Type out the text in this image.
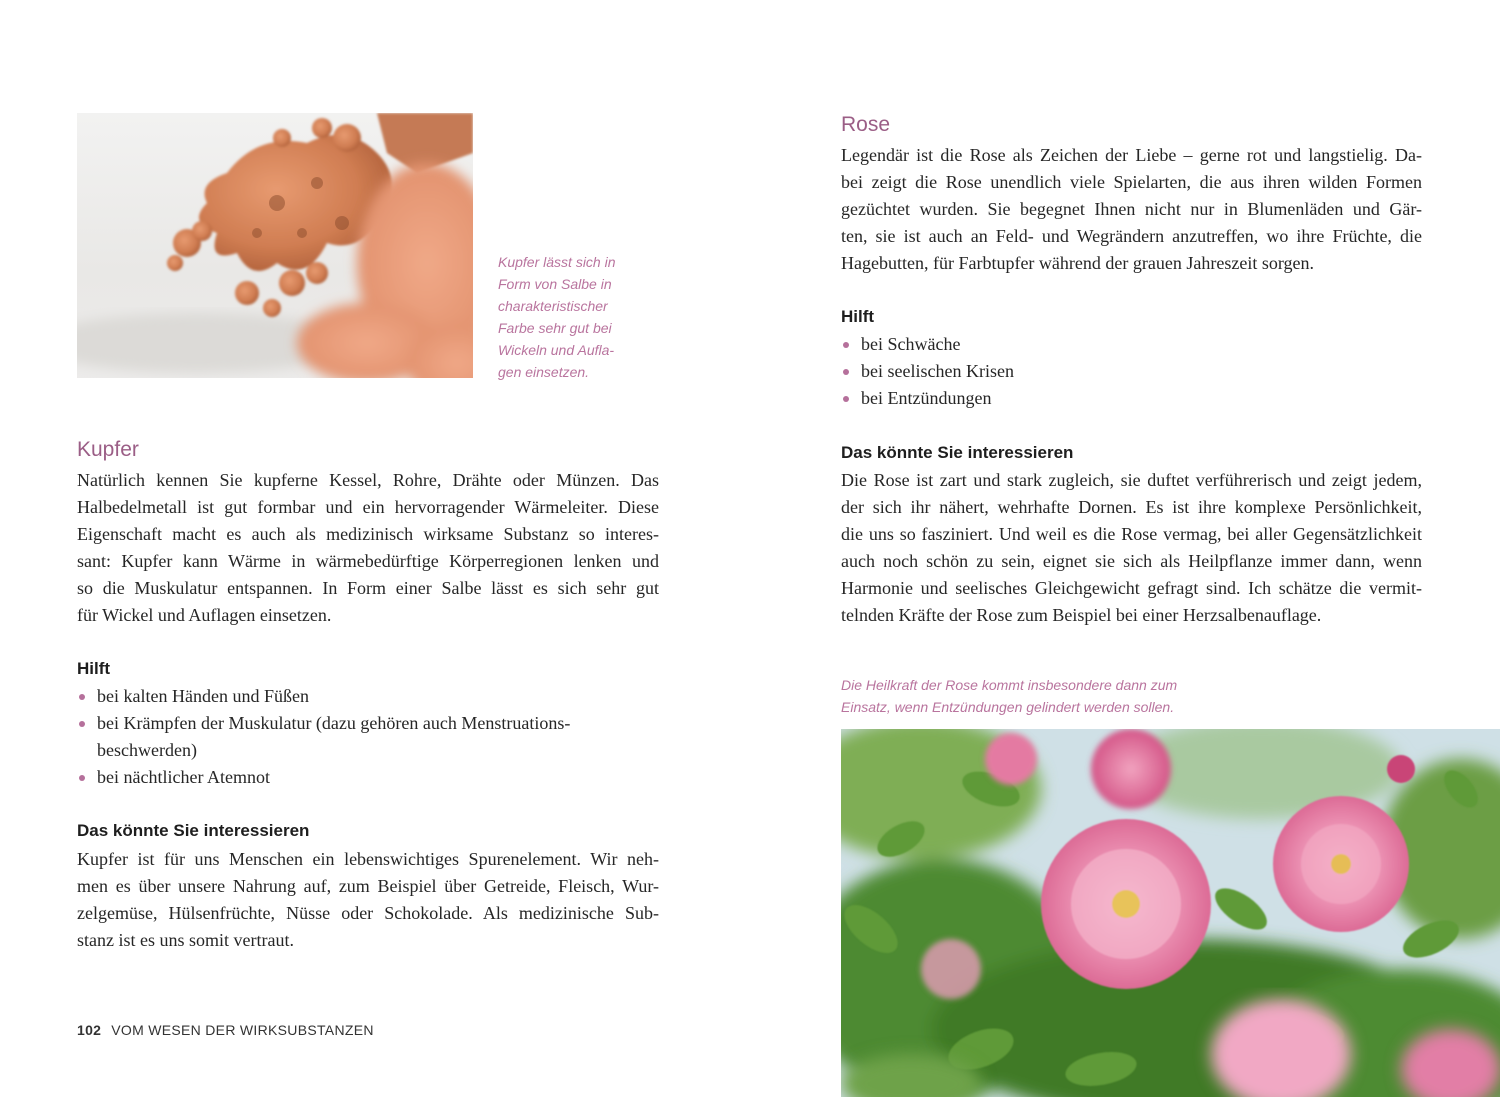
Kupfer lässt sich in
Form von Salbe in
charakteristischer
Farbe sehr gut bei
Wickeln und Aufla-
gen einsetzen.
Kupfer
Natürlich kennen Sie kupferne Kessel, Rohre, Drähte oder Münzen. Das
Halbedelmetall ist gut formbar und ein hervorragender Wärmeleiter. Diese
Eigenschaft macht es auch als medizinisch wirksame Substanz so interes-
sant: Kupfer kann Wärme in wärmebedürftige Körperregionen lenken und
so die Muskulatur entspannen. In Form einer Salbe lässt es sich sehr gut
für Wickel und Auflagen einsetzen.
Hilft
bei kalten Händen und Füßen
bei Krämpfen der Muskulatur (dazu gehören auch Menstruations-
beschwerden)
bei nächtlicher Atemnot
Das könnte Sie interessieren
Kupfer ist für uns Menschen ein lebenswichtiges Spurenelement. Wir neh-
men es über unsere Nahrung auf, zum Beispiel über Getreide, Fleisch, Wur-
zelgemüse, Hülsenfrüchte, Nüsse oder Schokolade. Als medizinische Sub-
stanz ist es uns somit vertraut.
102 VOM WESEN DER WIRKSUBSTANZEN
Rose
Legendär ist die Rose als Zeichen der Liebe – gerne rot und langstielig. Da-
bei zeigt die Rose unendlich viele Spielarten, die aus ihren wilden Formen
gezüchtet wurden. Sie begegnet Ihnen nicht nur in Blumenläden und Gär-
ten, sie ist auch an Feld- und Wegrändern anzutreffen, wo ihre Früchte, die
Hagebutten, für Farbtupfer während der grauen Jahreszeit sorgen.
Hilft
bei Schwäche
bei seelischen Krisen
bei Entzündungen
Das könnte Sie interessieren
Die Rose ist zart und stark zugleich, sie duftet verführerisch und zeigt jedem,
der sich ihr nähert, wehrhafte Dornen. Es ist ihre komplexe Persönlichkeit,
die uns so fasziniert. Und weil es die Rose vermag, bei aller Gegensätzlichkeit
auch noch schön zu sein, eignet sie sich als Heilpflanze immer dann, wenn
Harmonie und seelisches Gleichgewicht gefragt sind. Ich schätze die vermit-
telnden Kräfte der Rose zum Beispiel bei einer Herzsalbenauflage.
Die Heilkraft der Rose kommt insbesondere dann zum
Einsatz, wenn Entzündungen gelindert werden sollen.
